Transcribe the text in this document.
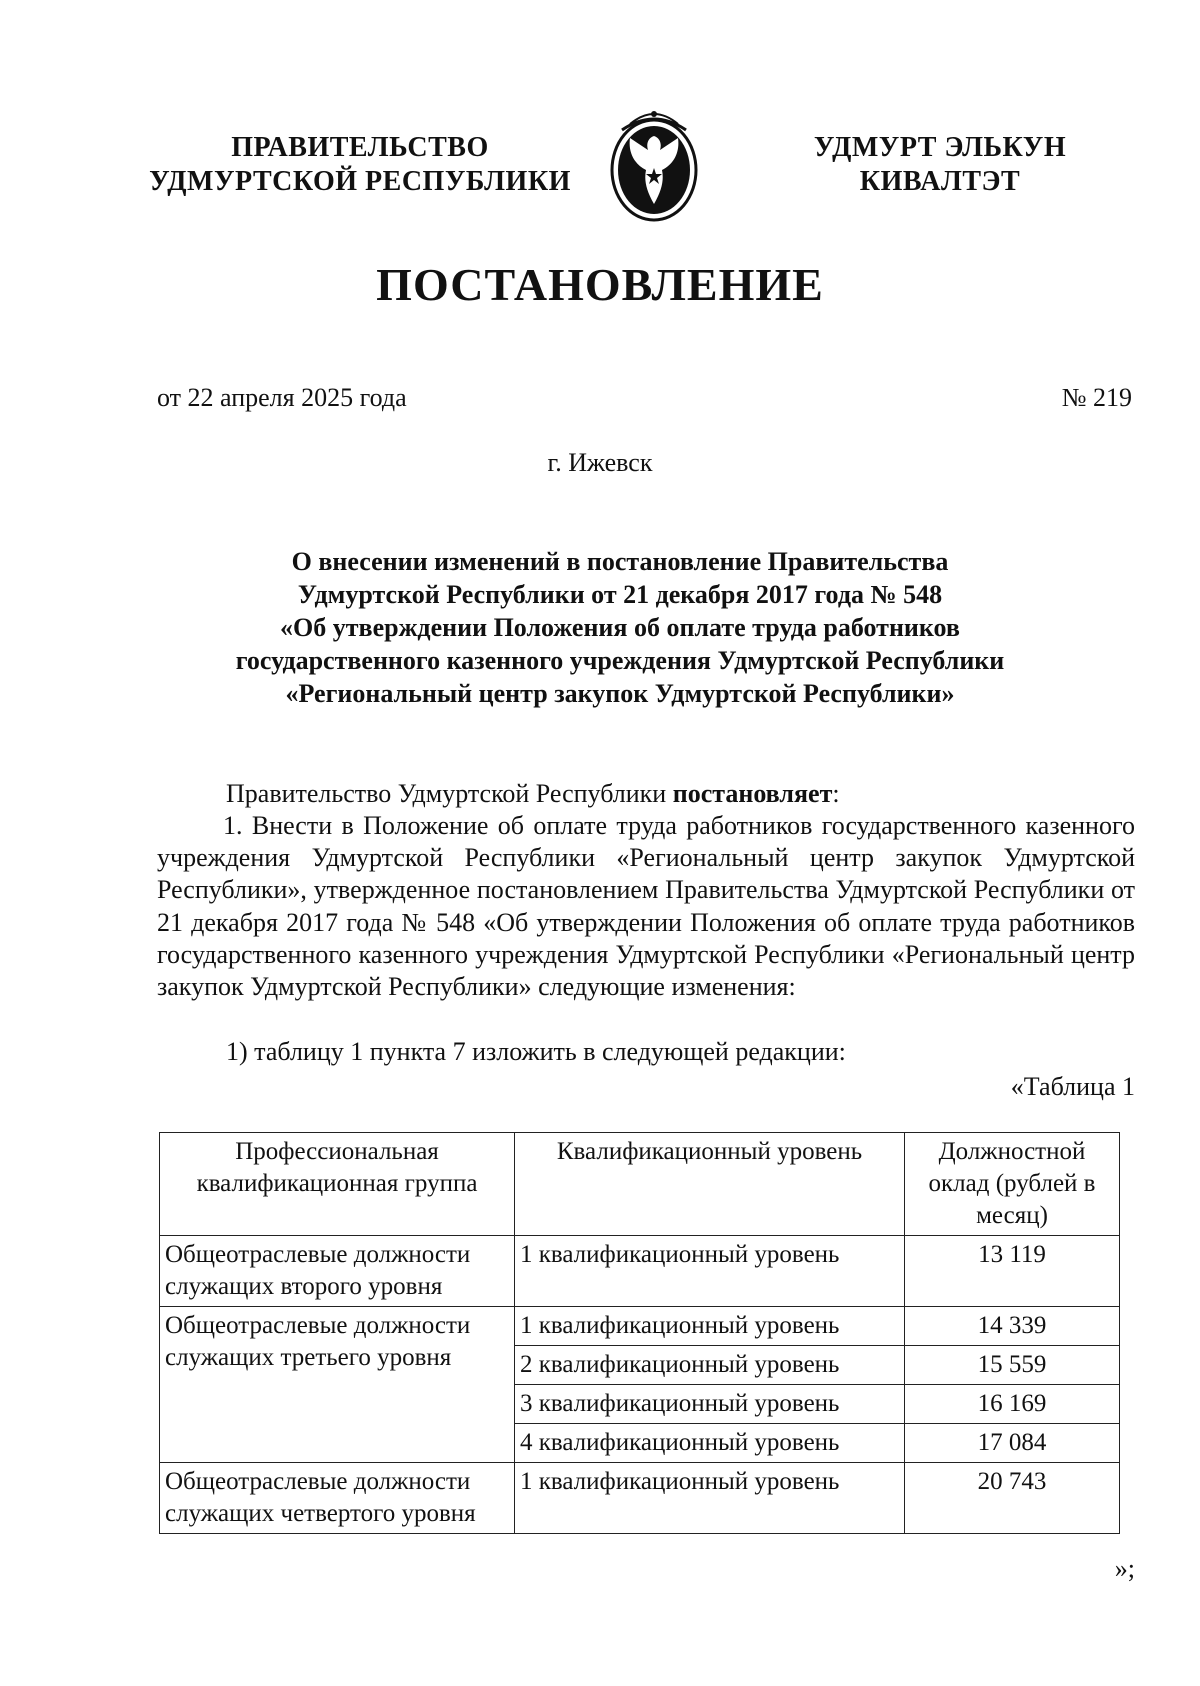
ПРАВИТЕЛЬСТВО
УДМУРТСКОЙ РЕСПУБЛИКИ
УДМУРТ ЭЛЬКУН
КИВАЛТЭТ
ПОСТАНОВЛЕНИЕ
от 22 апреля 2025 года	№ 219
г. Ижевск
О внесении изменений в постановление Правительства
Удмуртской Республики от 21 декабря 2017 года № 548
«Об утверждении Положения об оплате труда работников
государственного казенного учреждения Удмуртской Республики
«Региональный центр закупок Удмуртской Республики»
Правительство Удмуртской Республики постановляет:
1. Внести в Положение об оплате труда работников государственного казенного учреждения Удмуртской Республики «Региональный центр закупок Удмуртской Республики», утвержденное постановлением Правительства Удмуртской Республики от 21 декабря 2017 года № 548 «Об утверждении Положения об оплате труда работников государственного казенного учреждения Удмуртской Республики «Региональный центр закупок Удмуртской Республики» следующие изменения:
1) таблицу 1 пункта 7 изложить в следующей редакции:
«Таблица 1
Профессиональная квалификационная группа	Квалификационный уровень	Должностной оклад (рублей в месяц)
Общеотраслевые должности служащих второго уровня	1 квалификационный уровень	13 119
Общеотраслевые должности служащих третьего уровня	1 квалификационный уровень	14 339
	2 квалификационный уровень	15 559
	3 квалификационный уровень	16 169
	4 квалификационный уровень	17 084
Общеотраслевые должности служащих четвертого уровня	1 квалификационный уровень	20 743
»;
